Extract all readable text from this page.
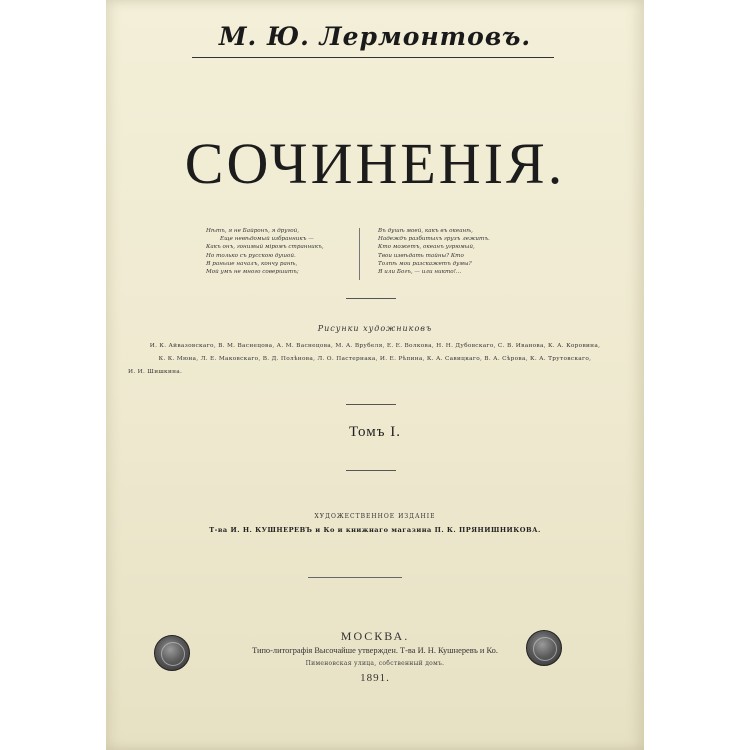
М. Ю. Лермонтовъ.
СОЧИНЕНІЯ.
Нѣтъ, я не Байронъ, я другой,
Еще невѣдомый избранникъ —
Какъ онъ, гонимый міромъ странникъ,
Но только съ русскою душой.
Я раньше началъ, кончу ранѣ,
Мой умъ не много совершитъ;
Въ душѣ моей, какъ въ океанѣ,
Надеждъ разбитыхъ грузъ лежитъ.
Кто можетъ, океанъ угрюмый,
Твои извѣдать тайны? Кто
Толпѣ мои разскажетъ думы?
Я или Богъ, — или никто!...
Рисунки художниковъ
И. К. Айвазовскаго, В. М. Васнецова, А. М. Васнецова, М. А. Врубеля, Е. Е. Волкова, Н. Н. Дубовскаго, С. В. Иванова, К. А. Коровина,
К. К. Мюна, Л. Е. Маковскаго, В. Д. Полѣнова, Л. О. Пастернака, И. Е. Рѣпина, К. А. Савицкаго, В. А. Сѣрова, К. А. Трутовскаго,
И. И. Шишкина.
Томъ I.
ХУДОЖЕСТВЕННОЕ ИЗДАНІЕ
Т-ва И. Н. КУШНЕРЕВЪ и Ко и книжнаго магазина П. К. ПРЯНИШНИКОВА.
МОСКВА.
Типо-литографія Высочайше утвержден. Т-ва И. Н. Кушнеревъ и Ко.
Пименовская улица, собственный домъ.
1891.
